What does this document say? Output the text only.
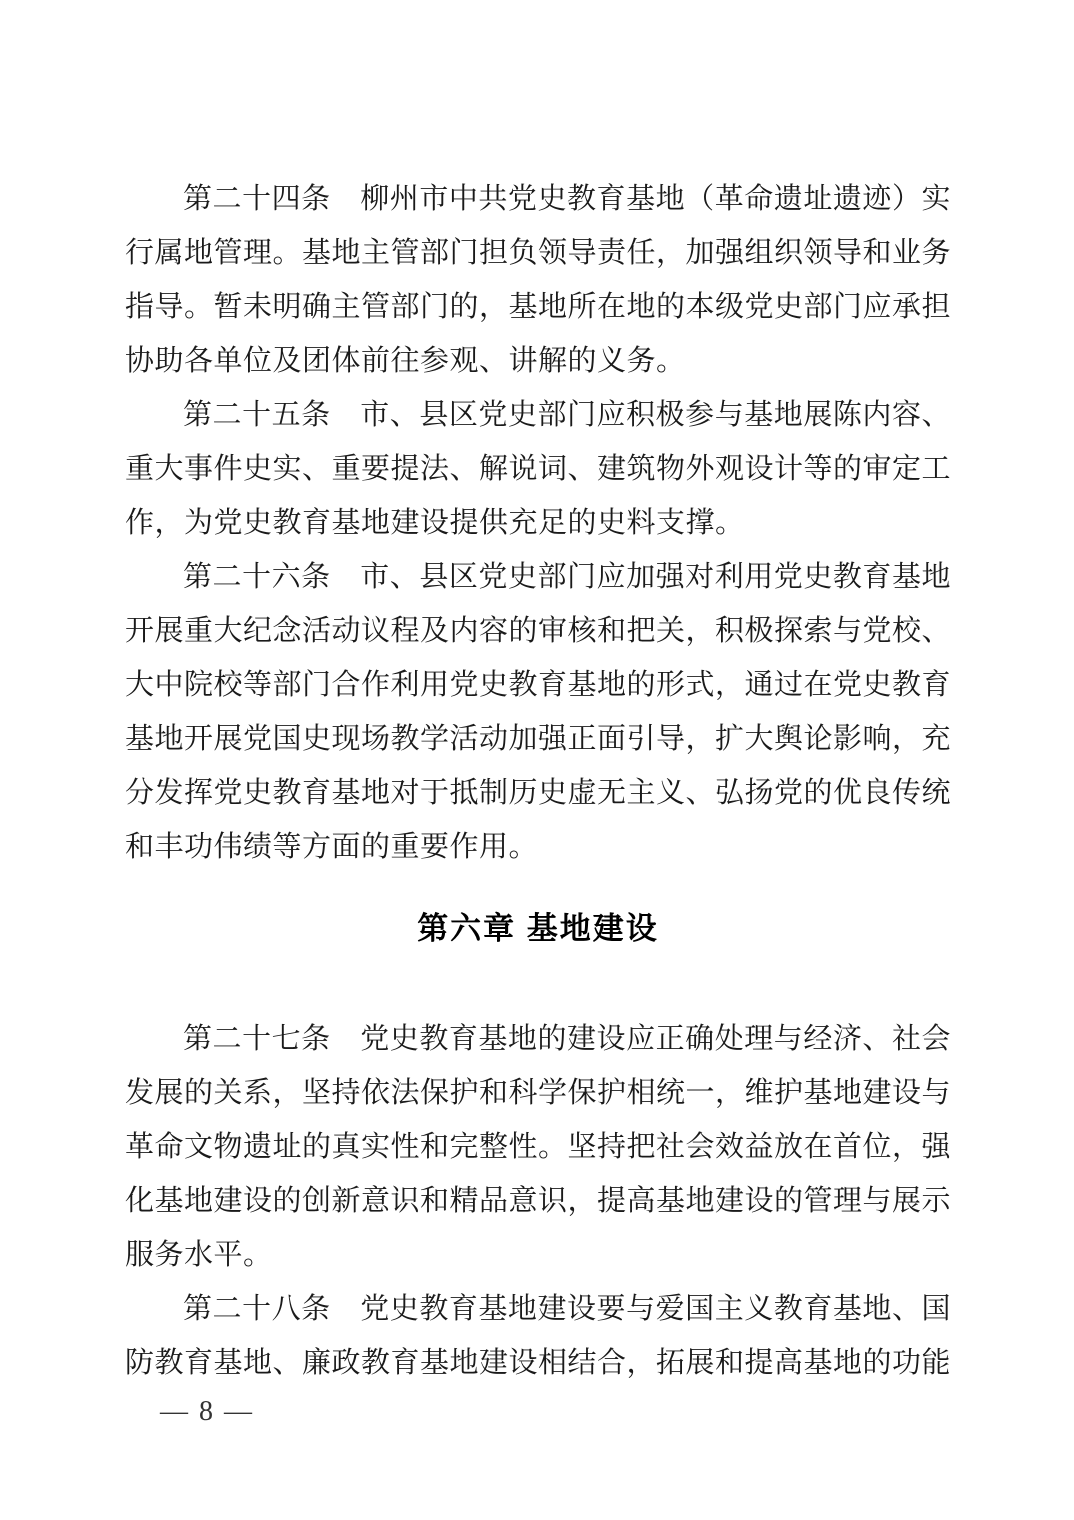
第二十四条　柳州市中共党史教育基地（革命遗址遗迹）实行属地管理。基地主管部门担负领导责任，加强组织领导和业务指导。暂未明确主管部门的，基地所在地的本级党史部门应承担协助各单位及团体前往参观、讲解的义务。

第二十五条　市、县区党史部门应积极参与基地展陈内容、重大事件史实、重要提法、解说词、建筑物外观设计等的审定工作，为党史教育基地建设提供充足的史料支撑。

第二十六条　市、县区党史部门应加强对利用党史教育基地开展重大纪念活动议程及内容的审核和把关，积极探索与党校、大中院校等部门合作利用党史教育基地的形式，通过在党史教育基地开展党国史现场教学活动加强正面引导，扩大舆论影响，充分发挥党史教育基地对于抵制历史虚无主义、弘扬党的优良传统和丰功伟绩等方面的重要作用。

第六章 基地建设

第二十七条　党史教育基地的建设应正确处理与经济、社会发展的关系，坚持依法保护和科学保护相统一，维护基地建设与革命文物遗址的真实性和完整性。坚持把社会效益放在首位，强化基地建设的创新意识和精品意识，提高基地建设的管理与展示服务水平。

第二十八条　党史教育基地建设要与爱国主义教育基地、国防教育基地、廉政教育基地建设相结合，拓展和提高基地的功能

— 8 —
